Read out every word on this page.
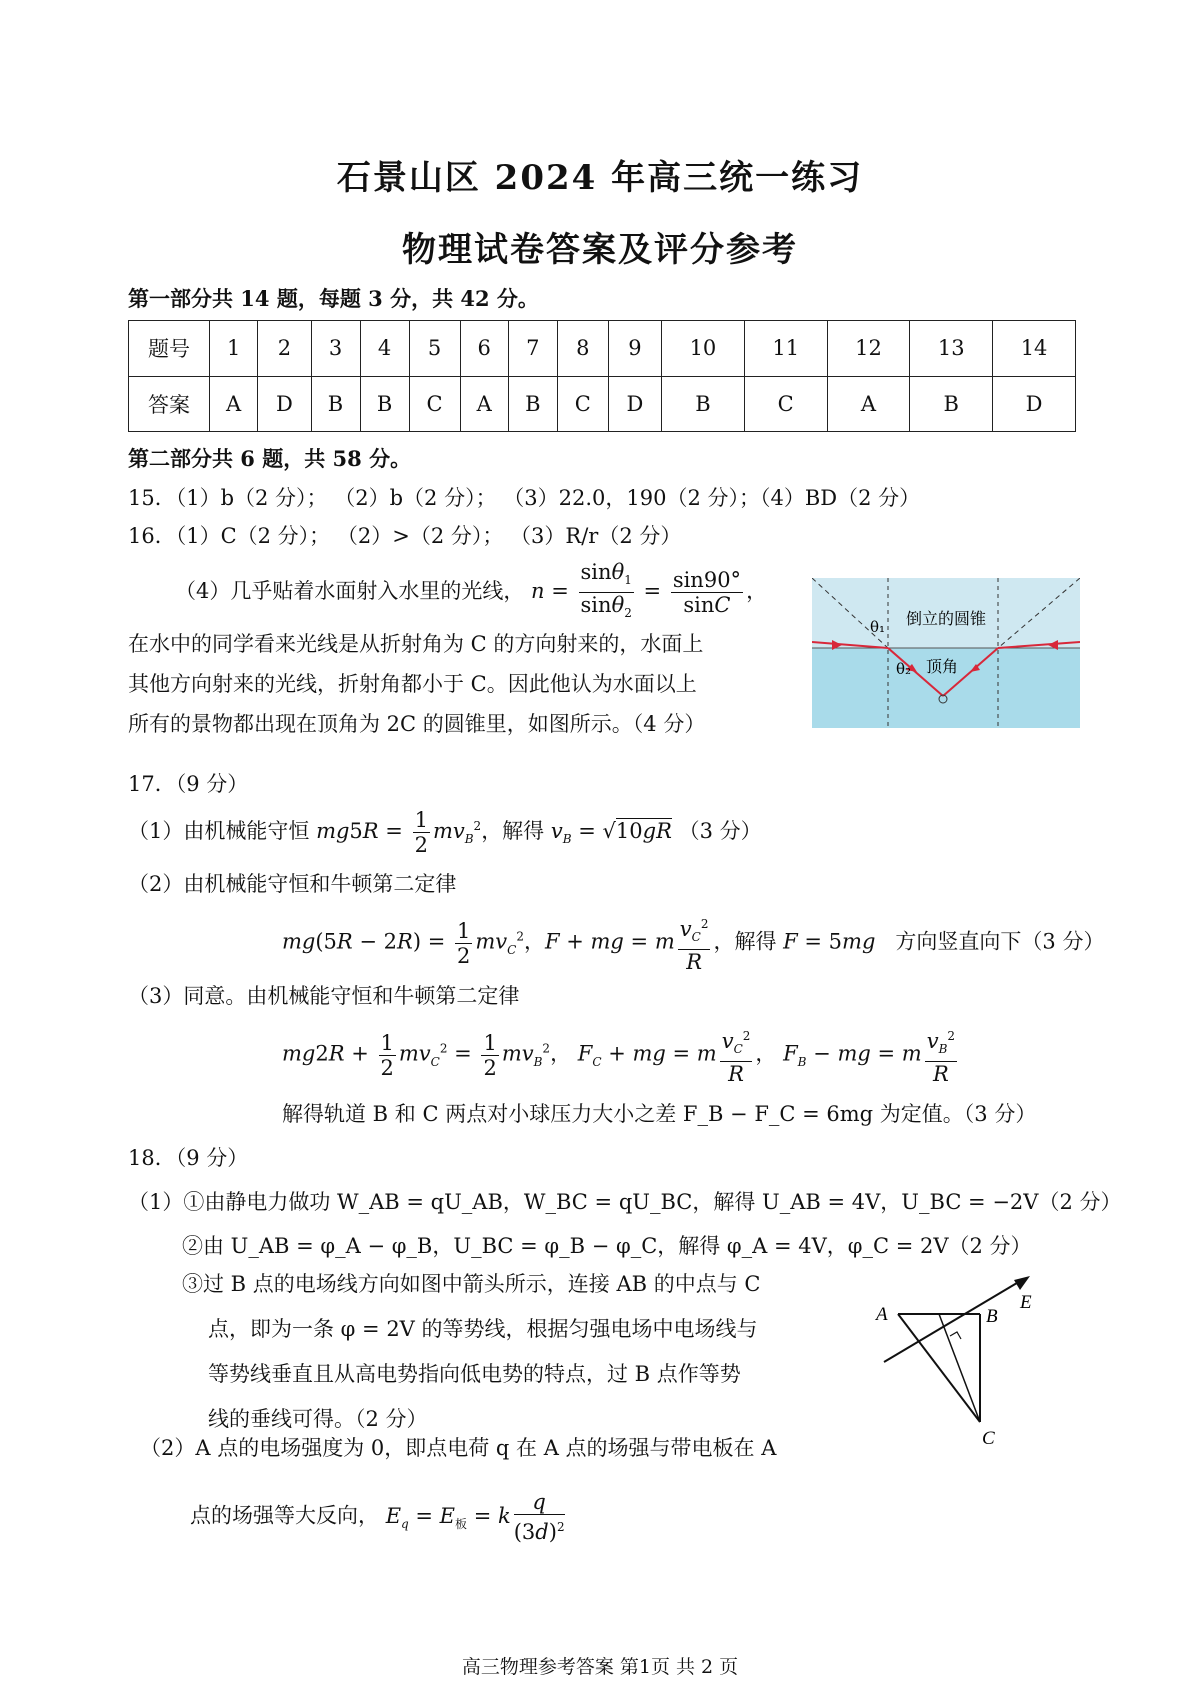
石景山区 2024 年高三统一练习
物理试卷答案及评分参考
第一部分共 14 题，每题 3 分，共 42 分。
题号	1	2	3	4	5	6	7	8	9	10	11	12	13	14
答案	A	D	B	B	C	A	B	C	D	B	C	A	B	D
第二部分共 6 题，共 58 分。
15．（1）b（2 分）； （2）b（2 分）； （3）22.0，190（2 分）；（4）BD（2 分）
16．（1）C（2 分）； （2）>（2 分）； （3）R/r（2 分）
（4）几乎贴着水面射入水里的光线， $n = \frac{\sin\theta_1}{\sin\theta_2} = \frac{\sin 90^\circ}{\sin C}$ ，
在水中的同学看来光线是从折射角为 C 的方向射来的，水面上
其他方向射来的光线，折射角都小于 C。因此他认为水面以上
所有的景物都出现在顶角为 2C 的圆锥里，如图所示。（4 分）
θ₁
θ₂
倒立的圆锥
顶角
17．（9 分）
（1）由机械能守恒 $mg5R = \frac{1}{2} mv_B^2$，解得 $v_B = √10gR$ （3 分）
（2）由机械能守恒和牛顿第二定律
$mg(5R - 2R) = \frac{1}{2} mv_C^2$，F + mg = m $\frac{v_C^2}{R}$ ，解得 F = 5mg 方向竖直向下（3 分）
（3）同意。由机械能守恒和牛顿第二定律
$mg2R + \frac{1}{2} mv_C^2 = \frac{1}{2} mv_B^2$， $F_C$ + mg = m $\frac{v_C^2}{R}$ ， $F_B$ − mg = m $\frac{v_B^2}{R}$
解得轨道 B 和 C 两点对小球压力大小之差 F_B − F_C = 6mg 为定值。（3 分）
18．（9 分）
（1）①由静电力做功 W_AB = qU_AB，W_BC = qU_BC，解得 U_AB = 4V，U_BC = −2V（2 分）
②由 U_AB = φ_A − φ_B，U_BC = φ_B − φ_C，解得 φ_A = 4V，φ_C = 2V（2 分）
③过 B 点的电场线方向如图中箭头所示，连接 AB 的中点与 C
点，即为一条 φ = 2V 的等势线，根据匀强电场中电场线与
等势线垂直且从高电势指向低电势的特点，过 B 点作等势
线的垂线可得。（2 分）
A	B
C
E
（2）A 点的电场强度为 0，即点电荷 q 在 A 点的场强与带电板在 A
点的场强等大反向， $E_q = E_板 = k \frac{q}{(3d)^2}$
高三物理参考答案 第1页 共 2 页
